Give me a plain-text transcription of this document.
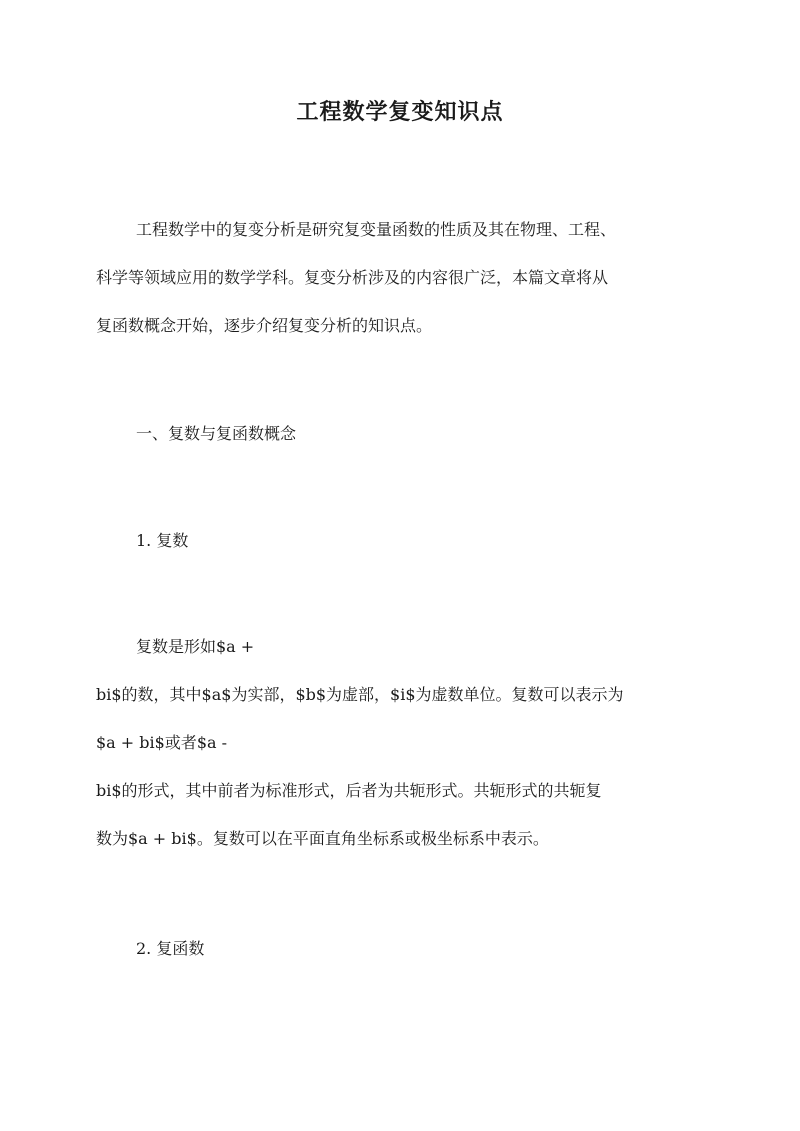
工程数学复变知识点
工程数学中的复变分析是研究复变量函数的性质及其在物理、工程、
科学等领域应用的数学学科。复变分析涉及的内容很广泛，本篇文章将从
复函数概念开始，逐步介绍复变分析的知识点。
一、复数与复函数概念
1. 复数
复数是形如$a +
bi$的数，其中$a$为实部，$b$为虚部，$i$为虚数单位。复数可以表示为
$a + bi$或者$a -
bi$的形式，其中前者为标准形式，后者为共轭形式。共轭形式的共轭复
数为$a + bi$。复数可以在平面直角坐标系或极坐标系中表示。
2. 复函数
